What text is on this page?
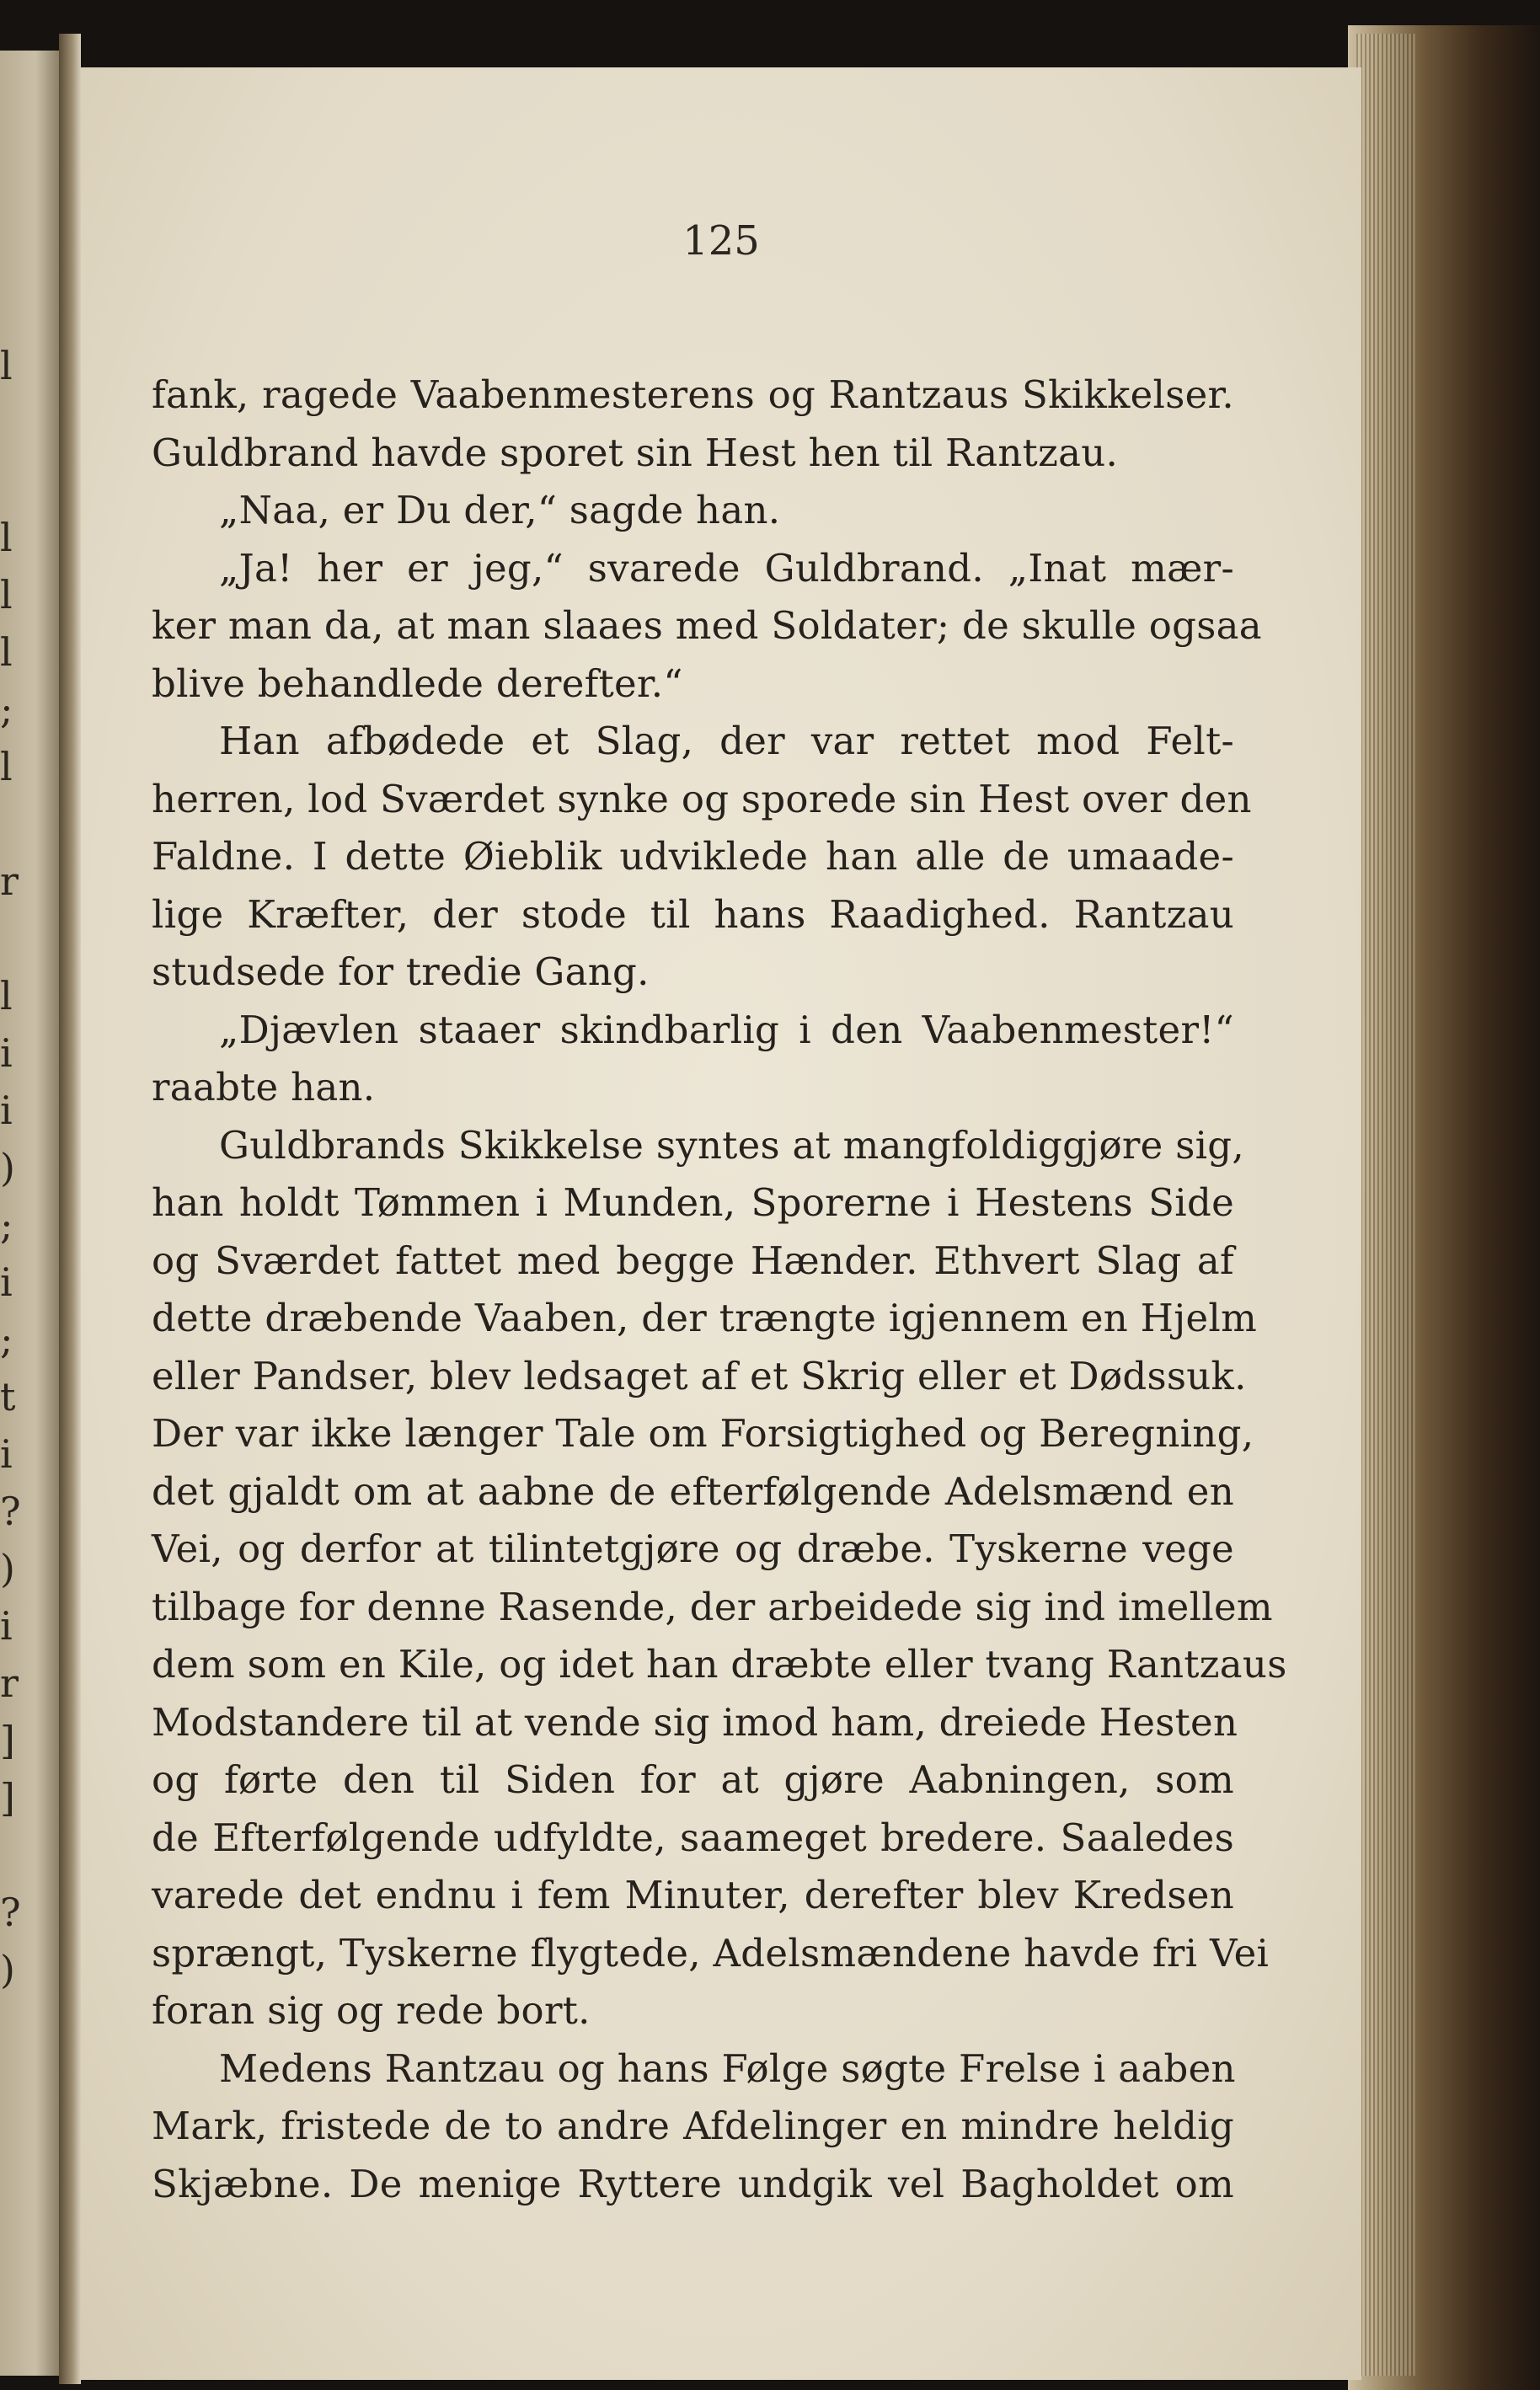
l

l
l
l
;
l

r

l
i
i
)
;
i
;
t
i
?
)
i
r
]
]

?
)
125
fank, ragede Vaabenmesterens og Rantzaus Skikkelser.
Guldbrand havde sporet sin Hest hen til Rantzau.
„Naa, er Du der,“ sagde han.
„Ja! her er jeg,“ svarede Guldbrand. „Inat mær-
ker man da, at man slaaes med Soldater; de skulle ogsaa
blive behandlede derefter.“
Han afbødede et Slag, der var rettet mod Felt-
herren, lod Sværdet synke og sporede sin Hest over den
Faldne. I dette Øieblik udviklede han alle de umaade-
lige Kræfter, der stode til hans Raadighed. Rantzau
studsede for tredie Gang.
„Djævlen staaer skindbarlig i den Vaabenmester!“
raabte han.
Guldbrands Skikkelse syntes at mangfoldiggjøre sig,
han holdt Tømmen i Munden, Sporerne i Hestens Side
og Sværdet fattet med begge Hænder. Ethvert Slag af
dette dræbende Vaaben, der trængte igjennem en Hjelm
eller Pandser, blev ledsaget af et Skrig eller et Dødssuk.
Der var ikke længer Tale om Forsigtighed og Beregning,
det gjaldt om at aabne de efterfølgende Adelsmænd en
Vei, og derfor at tilintetgjøre og dræbe. Tyskerne vege
tilbage for denne Rasende, der arbeidede sig ind imellem
dem som en Kile, og idet han dræbte eller tvang Rantzaus
Modstandere til at vende sig imod ham, dreiede Hesten
og førte den til Siden for at gjøre Aabningen, som
de Efterfølgende udfyldte, saameget bredere. Saaledes
varede det endnu i fem Minuter, derefter blev Kredsen
sprængt, Tyskerne flygtede, Adelsmændene havde fri Vei
foran sig og rede bort.
Medens Rantzau og hans Følge søgte Frelse i aaben
Mark, fristede de to andre Afdelinger en mindre heldig
Skjæbne. De menige Ryttere undgik vel Bagholdet om
